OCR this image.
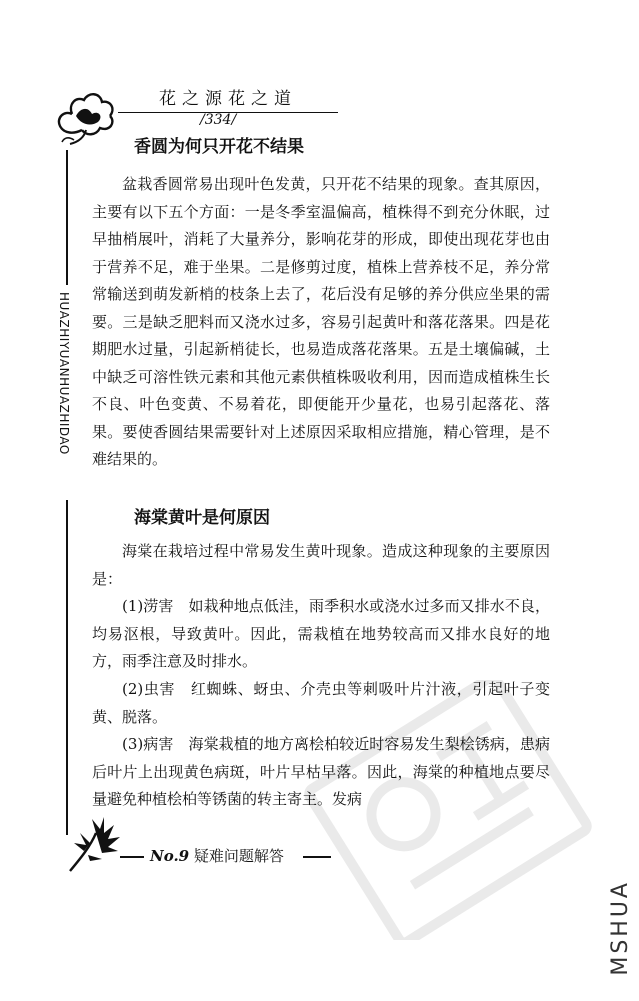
花之源花之道
/334/
HUAZHIYUANHUAZHIDAO
香圆为何只开花不结果

盆栽香圆常易出现叶色发黄，只开花不结果的现象。查其原因，主要有以下五个方面：一是冬季室温偏高，植株得不到充分休眠，过早抽梢展叶，消耗了大量养分，影响花芽的形成，即使出现花芽也由于营养不足，难于坐果。二是修剪过度，植株上营养枝不足，养分常常输送到萌发新梢的枝条上去了，花后没有足够的养分供应坐果的需要。三是缺乏肥料而又浇水过多，容易引起黄叶和落花落果。四是花期肥水过量，引起新梢徒长，也易造成落花落果。五是土壤偏碱，土中缺乏可溶性铁元素和其他元素供植株吸收利用，因而造成植株生长不良、叶色变黄、不易着花，即便能开少量花，也易引起落花、落果。要使香圆结果需要针对上述原因采取相应措施，精心管理，是不难结果的。

海棠黄叶是何原因

海棠在栽培过程中常易发生黄叶现象。造成这种现象的主要原因是：

(1)涝害　如栽种地点低洼，雨季积水或浇水过多而又排水不良，均易沤根，导致黄叶。因此，需栽植在地势较高而又排水良好的地方，雨季注意及时排水。

(2)虫害　红蜘蛛、蚜虫、介壳虫等刺吸叶片汁液，引起叶子变黄、脱落。

(3)病害　海棠栽植的地方离桧柏较近时容易发生梨桧锈病，患病后叶片上出现黄色病斑，叶片早枯早落。因此，海棠的种植地点要尽量避免种植桧柏等锈菌的转主寄主。发病

No.9 疑难问题解答
MSHUA
